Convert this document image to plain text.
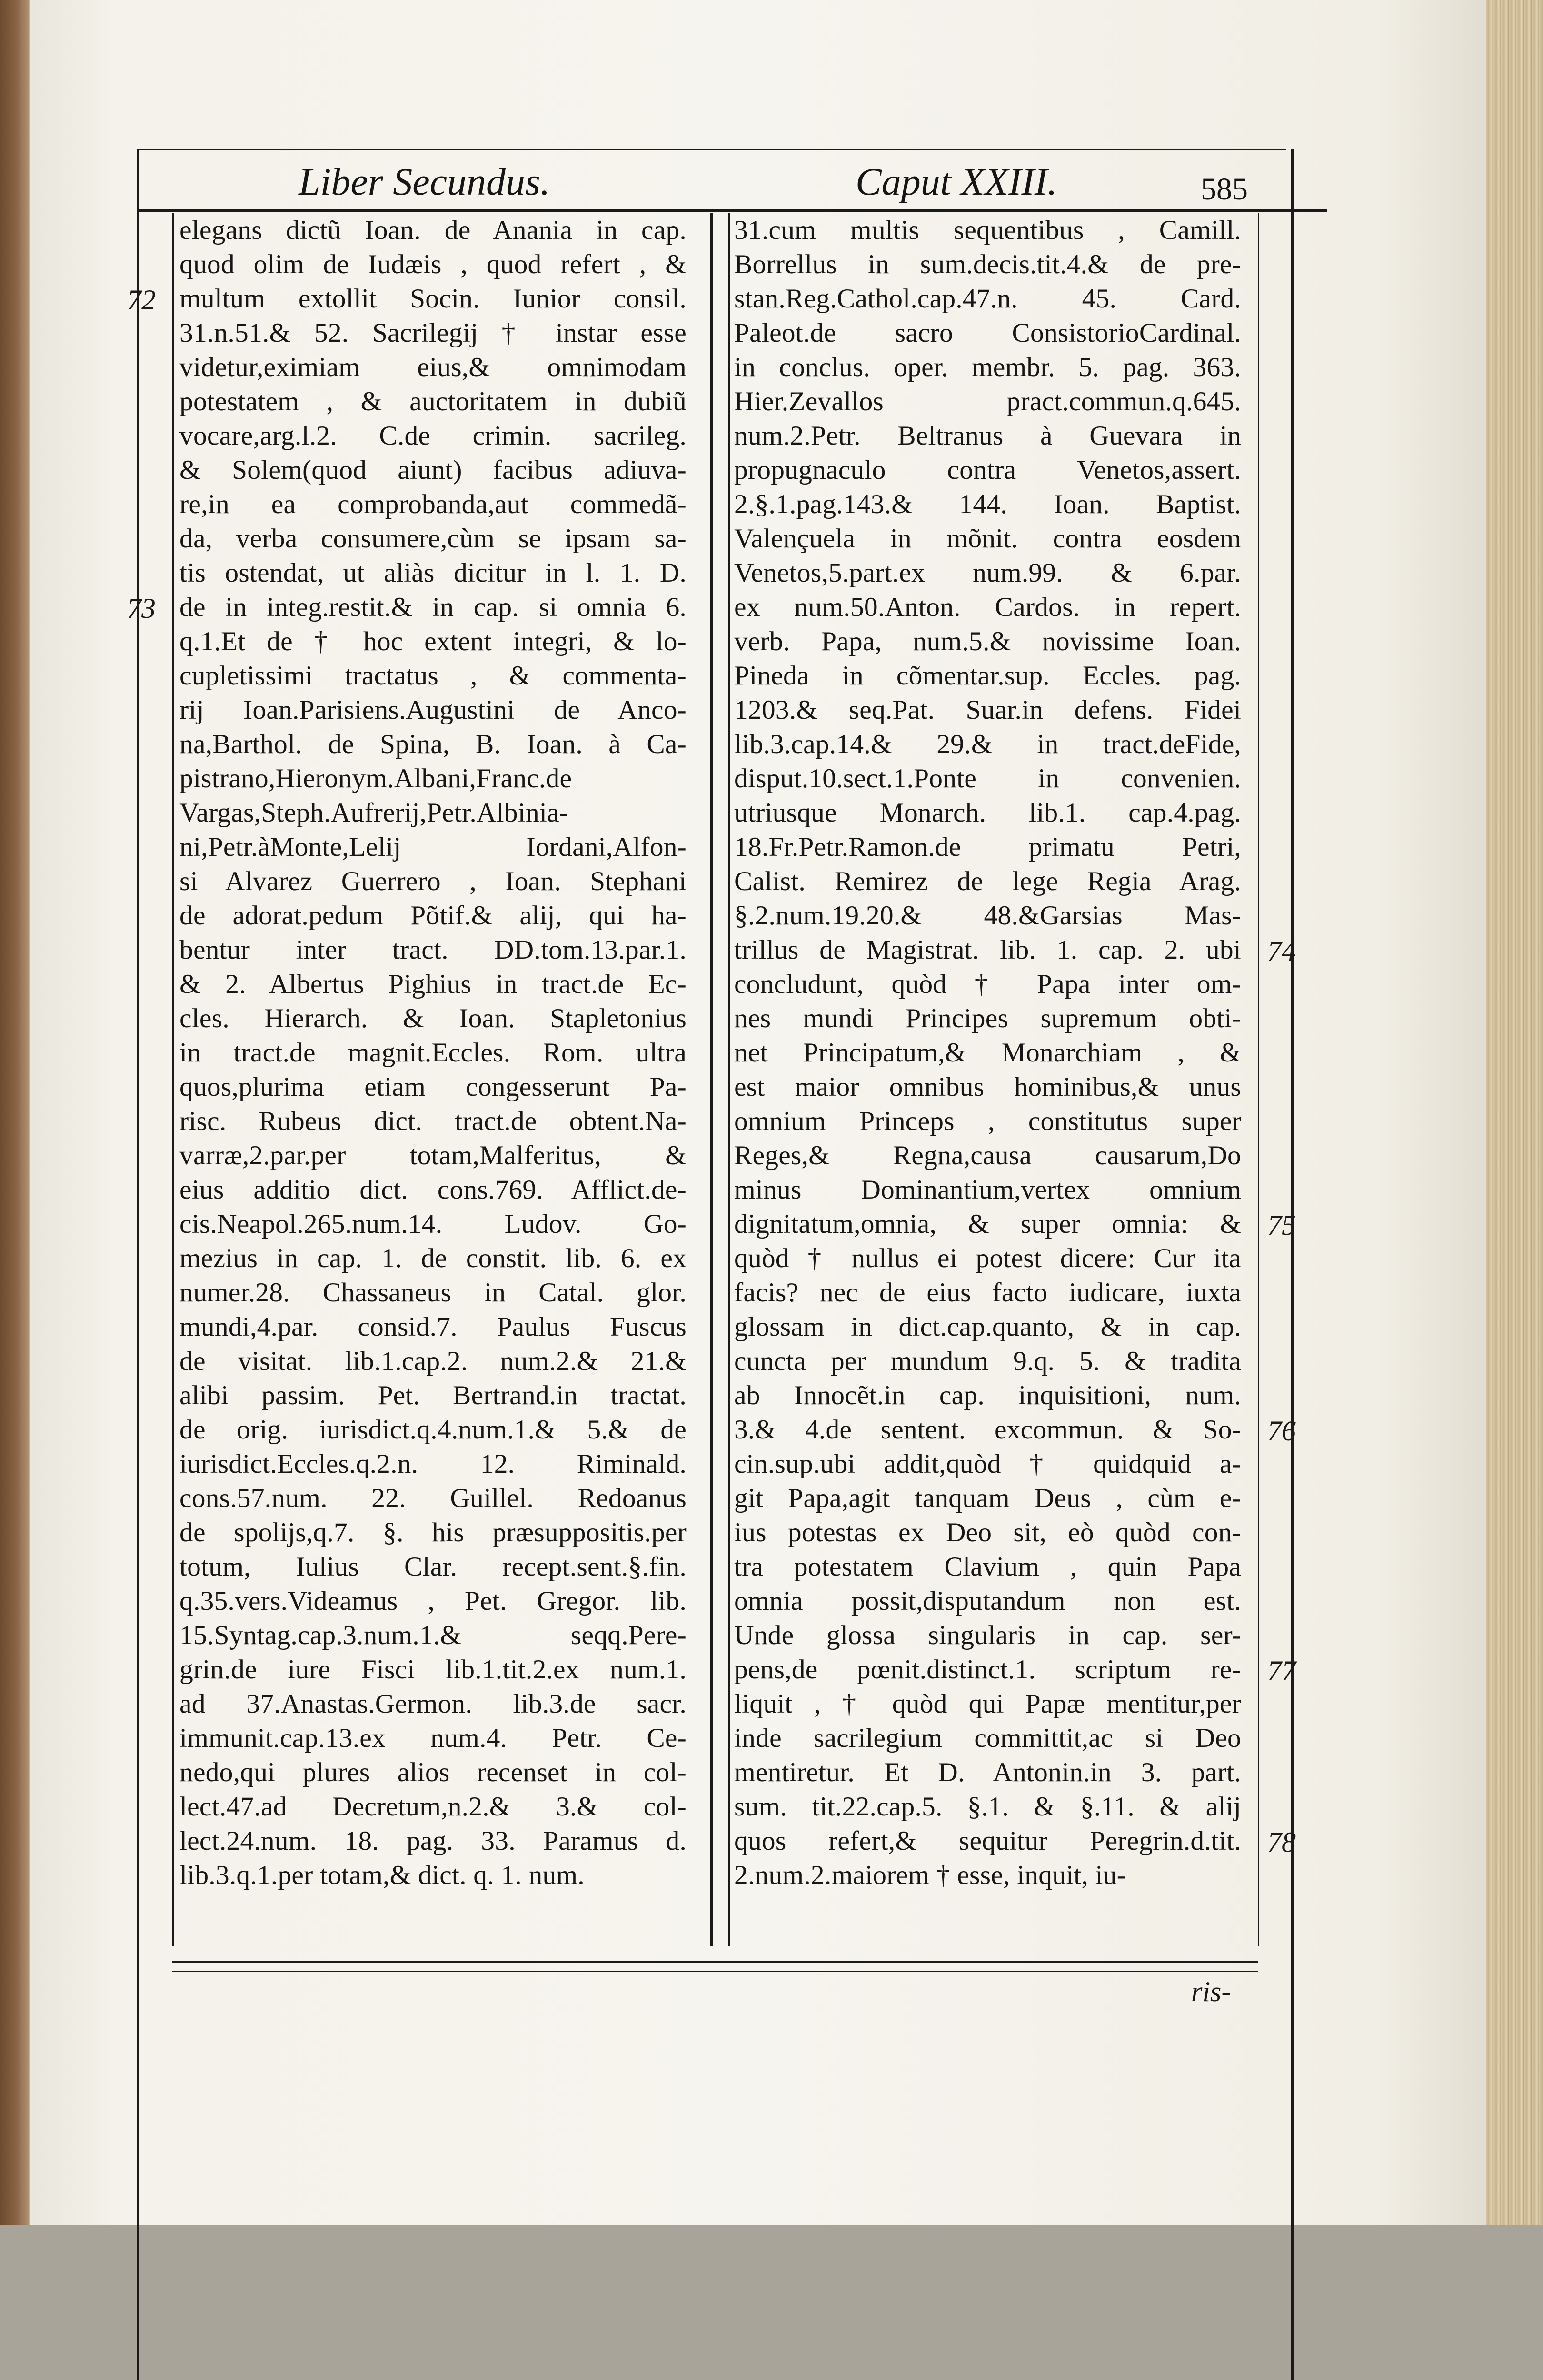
Liber Secundus.	Caput XXIII.	585
elegans dictũ Ioan. de Anania in cap.
quod olim de Iudæis , quod refert , &
multum extollit Socin. Iunior consil.
31.n.51.& 52. Sacrilegij † instar esse
videtur,eximiam eius,& omnimodam
potestatem , & auctoritatem in dubiũ
vocare,arg.l.2. C.de crimin. sacrileg.
& Solem(quod aiunt) facibus adiuva-
re,in ea comprobanda,aut commedã-
da, verba consumere,cùm se ipsam sa-
tis ostendat, ut aliàs dicitur in l. 1. D.
de in integ.restit.& in cap. si omnia 6.
q.1.Et de † hoc extent integri, & lo-
cupletissimi tractatus , & commenta-
rij Ioan.Parisiens.Augustini de Anco-
na,Barthol. de Spina, B. Ioan. à Ca-
pistrano,Hieronym.Albani,Franc.de
Vargas,Steph.Aufrerij,Petr.Albinia-
ni,Petr.àMonte,Lelij Iordani,Alfon-
si Alvarez Guerrero , Ioan. Stephani
de adorat.pedum Põtif.& alij, qui ha-
bentur inter tract. DD.tom.13.par.1.
& 2. Albertus Pighius in tract.de Ec-
cles. Hierarch. & Ioan. Stapletonius
in tract.de magnit.Eccles. Rom. ultra
quos,plurima etiam congesserunt Pa-
risc. Rubeus dict. tract.de obtent.Na-
varræ,2.par.per totam,Malferitus, &
eius additio dict. cons.769. Afflict.de-
cis.Neapol.265.num.14. Ludov. Go-
mezius in cap. 1. de constit. lib. 6. ex
numer.28. Chassaneus in Catal. glor.
mundi,4.par. consid.7. Paulus Fuscus
de visitat. lib.1.cap.2. num.2.& 21.&
alibi passim. Pet. Bertrand.in tractat.
de orig. iurisdict.q.4.num.1.& 5.& de
iurisdict.Eccles.q.2.n. 12. Riminald.
cons.57.num. 22. Guillel. Redoanus
de spolijs,q.7. §. his præsuppositis.per
totum, Iulius Clar. recept.sent.§.fin.
q.35.vers.Videamus , Pet. Gregor. lib.
15.Syntag.cap.3.num.1.& seqq.Pere-
grin.de iure Fisci lib.1.tit.2.ex num.1.
ad 37.Anastas.Germon. lib.3.de sacr.
immunit.cap.13.ex num.4. Petr. Ce-
nedo,qui plures alios recenset in col-
lect.47.ad Decretum,n.2.& 3.& col-
lect.24.num. 18. pag. 33. Paramus d.
lib.3.q.1.per totam,& dict. q. 1. num.
31.cum multis sequentibus , Camill.
Borrellus in sum.decis.tit.4.& de pre-
stan.Reg.Cathol.cap.47.n. 45. Card.
Paleot.de sacro ConsistorioCardinal.
in conclus. oper. membr. 5. pag. 363.
Hier.Zevallos pract.commun.q.645.
num.2.Petr. Beltranus à Guevara in
propugnaculo contra Venetos,assert.
2.§.1.pag.143.& 144. Ioan. Baptist.
Valençuela in mõnit. contra eosdem
Venetos,5.part.ex num.99. & 6.par.
ex num.50.Anton. Cardos. in repert.
verb. Papa, num.5.& novissime Ioan.
Pineda in cõmentar.sup. Eccles. pag.
1203.& seq.Pat. Suar.in defens. Fidei
lib.3.cap.14.& 29.& in tract.deFide,
disput.10.sect.1.Ponte in convenien.
utriusque Monarch. lib.1. cap.4.pag.
18.Fr.Petr.Ramon.de primatu Petri,
Calist. Remirez de lege Regia Arag.
§.2.num.19.20.& 48.&Garsias Mas-
trillus de Magistrat. lib. 1. cap. 2. ubi
concludunt, quòd † Papa inter om-
nes mundi Principes supremum obti-
net Principatum,& Monarchiam , &
est maior omnibus hominibus,& unus
omnium Princeps , constitutus super
Reges,& Regna,causa causarum,Do
minus Dominantium,vertex omnium
dignitatum,omnia, & super omnia: &
quòd † nullus ei potest dicere: Cur ita
facis? nec de eius facto iudicare, iuxta
glossam in dict.cap.quanto, & in cap.
cuncta per mundum 9.q. 5. & tradita
ab Innocẽt.in cap. inquisitioni, num.
3.& 4.de sentent. excommun. & So-
cin.sup.ubi addit,quòd † quidquid a-
git Papa,agit tanquam Deus , cùm e-
ius potestas ex Deo sit, eò quòd con-
tra potestatem Clavium , quin Papa
omnia possit,disputandum non est.
Unde glossa singularis in cap. ser-
pens,de pœnit.distinct.1. scriptum re-
liquit , † quòd qui Papæ mentitur,per
inde sacrilegium committit,ac si Deo
mentiretur. Et D. Antonin.in 3. part.
sum. tit.22.cap.5. §.1. & §.11. & alij
quos refert,& sequitur Peregrin.d.tit.
2.num.2.maiorem † esse, inquit, iu-
72
73
74
75
76
77
78
ris-
